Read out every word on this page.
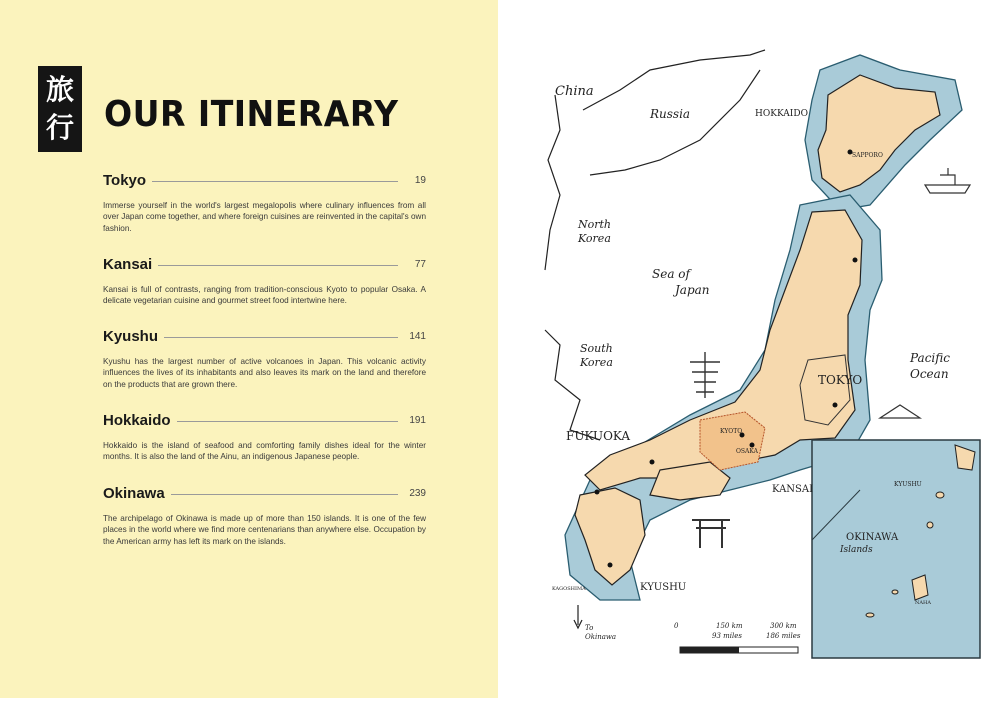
旅
行 OUR ITINERARY
Tokyo	19
Immerse yourself in the world's largest megalopolis where culinary influences from all over Japan come together, and where foreign cuisines are reinvented in the capital's own fashion.
Kansai	77
Kansai is full of contrasts, ranging from tradition-conscious Kyoto to popular Osaka. A delicate vegetarian cuisine and gourmet street food intertwine here.
Kyushu	141
Kyushu has the largest number of active volcanoes in Japan. This volcanic activity influences the lives of its inhabitants and also leaves its mark on the land and therefore on the products that are grown there.
Hokkaido	191
Hokkaido is the island of seafood and comforting family dishes ideal for the winter months. It is also the land of the Ainu, an indigenous Japanese people.
Okinawa	239
The archipelago of Okinawa is made up of more than 150 islands. It is one of the few places in the world where we find more centenarians than anywhere else. Occupation by the American army has left its mark on the islands.
China
Russia
North
Korea
South
Korea
Sea of
Japan
Pacific
Ocean
To
Okinawa
0	150 km
93 miles
300 km
186 miles
Islands
HOKKAIDO
TOKYO
FUKUOKA
KANSAI
KYUSHU
SAPPORO
KYOTO
OSAKA
KAGOSHIMA
KYUSHU
NAHA
OKINAWA
